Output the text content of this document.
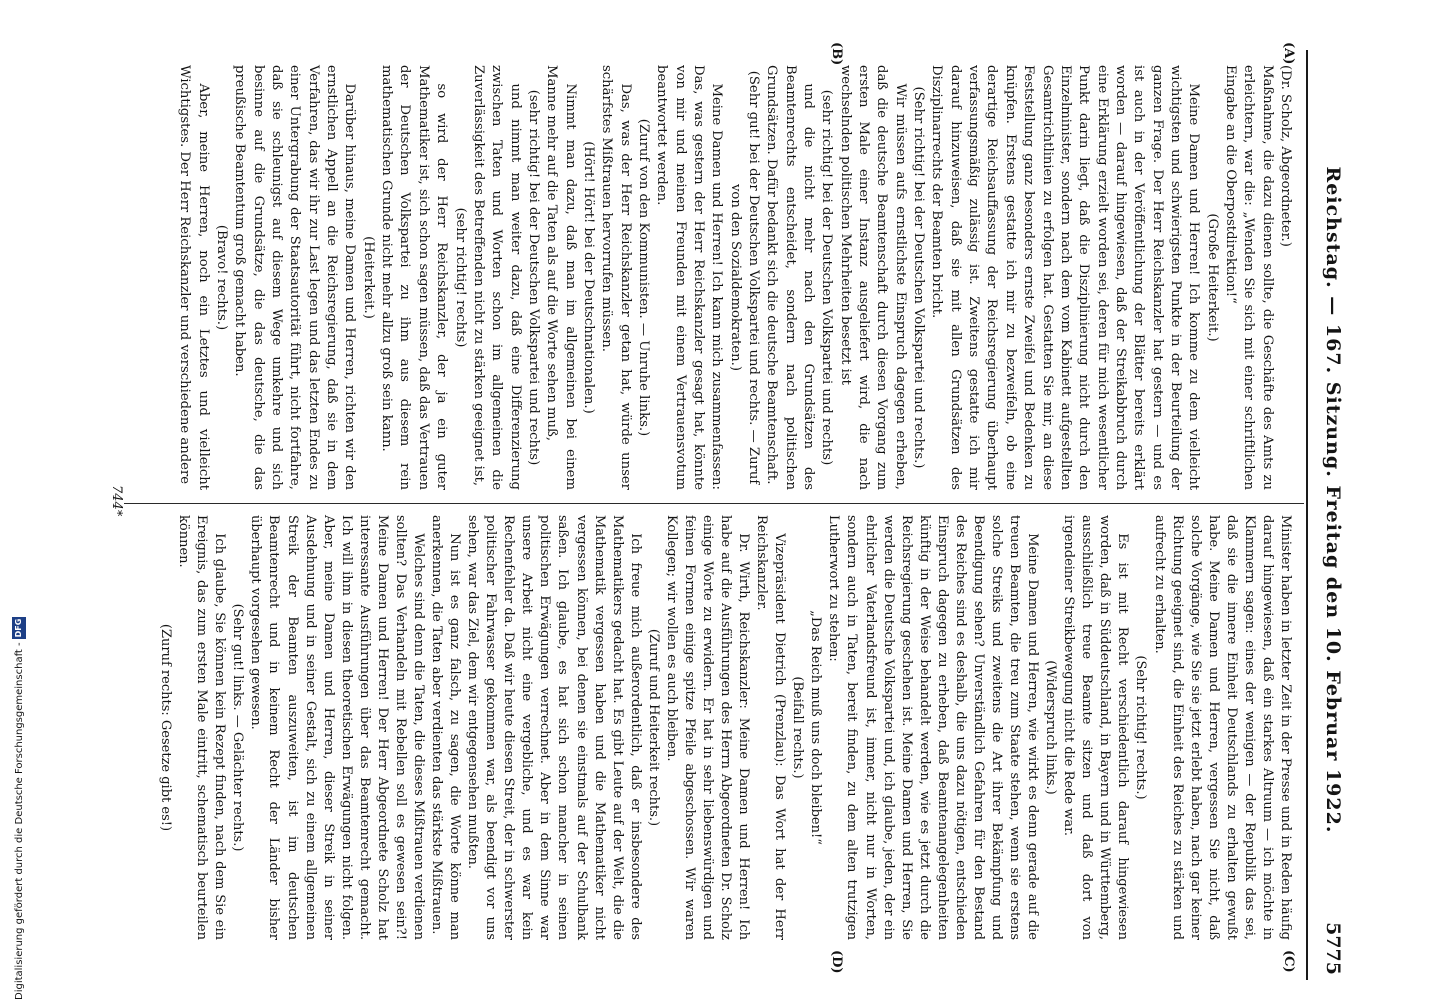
Reichstag. — 167. Sitzung. Freitag den 10. Februar 1922.
5775
(A)
(B)
(C)
(D)

(Dr. Scholz, Abgeordneter.)

Maßnahme, die dazu dienen sollte, die Geschäfte des Amts zu erleichtern, war die: „Wenden Sie sich mit einer schriftlichen Eingabe an die Oberpostdirektion!“

(Große Heiterkeit.)

Meine Damen und Herren! Ich komme zu dem vielleicht wichtigsten und schwierigsten Punkte in der Beurteilung der ganzen Frage. Der Herr Reichskanzler hat gestern — und es ist auch in der Veröffentlichung der Blätter bereits erklärt worden — darauf hingewiesen, daß der Streikabbruch durch eine Erklärung erzielt worden sei, deren für mich wesentlicher Punkt darin liegt, daß die Disziplinierung nicht durch den Einzelminister, sondern nach dem vom Kabinett aufgestellten Gesamtrichtlinien zu erfolgen hat. Gestatten Sie mir, an diese Feststellung ganz besonders ernste Zweifel und Bedenken zu knüpfen. Erstens gestatte ich mir zu bezweifeln, ob eine derartige Reichsauffassung der Reichsregierung überhaupt verfassungsmäßig zulässig ist. Zweitens gestatte ich mir darauf hinzuweisen, daß sie mit allen Grundsätzen des Disziplinarrechts der Beamten bricht.

(Sehr richtig! bei der Deutschen Volkspartei und rechts.)

Wir müssen aufs ernstlichste Einspruch dagegen erheben, daß die deutsche Beamtenschaft durch diesen Vorgang zum ersten Male einer Instanz ausgeliefert wird, die nach wechselnden politischen Mehrheiten besetzt ist

(sehr richtig! bei der Deutschen Volkspartei und rechts)

und die nicht mehr nach den Grundsätzen des Beamtenrechts entscheidet, sondern nach politischen Grundsätzen. Dafür bedankt sich die deutsche Beamtenschaft.

(Sehr gut! bei der Deutschen Volkspartei und rechts. — Zuruf von den Sozialdemokraten.)

Meine Damen und Herren! Ich kann mich zusammenfassen: Das, was gestern der Herr Reichskanzler gesagt hat, könnte von mir und meinen Freunden mit einem Vertrauensvotum beantwortet werden.

(Zuruf von den Kommunisten. — Unruhe links.)

Das, was der Herr Reichskanzler getan hat, würde unser schärfstes Mißtrauen hervorrufen müssen.

(Hört! Hört! bei der Deutschnationalen.)

Nimmt man dazu, daß man im allgemeinen bei einem Manne mehr auf die Taten als auf die Worte sehen muß,

(sehr richtig! bei der Deutschen Volkspartei und rechts)

und nimmt man weiter dazu, daß eine Differenzierung zwischen Taten und Worten schon im allgemeinen die Zuverlässigkeit des Betreffenden nicht zu stärken geeignet ist,

(sehr richtig! rechts)

so wird der Herr Reichskanzler, der ja ein guter Mathematiker ist, sich schon sagen müssen, daß das Vertrauen der Deutschen Volkspartei zu ihm aus diesem rein mathematischen Grunde nicht mehr allzu groß sein kann.

(Heiterkeit.)

Darüber hinaus, meine Damen und Herren, richten wir den ernstlichen Appell an die Reichsregierung, daß sie in dem Verfahren, das wir ihr zur Last legen und das letzten Endes zu einer Untergrabung der Staatsautorität führt, nicht fortfahre, daß sie schleunigst auf diesem Wege umkehre und sich besinne auf die Grundsätze, die das deutsche, die das preußische Beamtentum groß gemacht haben.

(Bravo! rechts.)

Aber, meine Herren, noch ein Letztes und vielleicht Wichtigstes. Der Herr Reichskanzler und verschiedene andere

Minister haben in letzter Zeit in der Presse und in Reden häufig darauf hingewiesen, daß ein starkes Altruum — ich möchte in Klammern sagen: eines der wenigen — der Republik das sei, daß sie die innere Einheit Deutschlands zu erhalten gewußt habe. Meine Damen und Herren, vergessen Sie nicht, daß solche Vorgänge, wie Sie sie jetzt erlebt haben, nach gar keiner Richtung geeignet sind, die Einheit des Reiches zu stärken und aufrecht zu erhalten.

(Sehr richtig! rechts.)

Es ist mit Recht verschiedentlich darauf hingewiesen worden, daß in Süddeutschland, in Bayern und in Württemberg, ausschließlich treue Beamte sitzen und daß dort von irgendeiner Streikbewegung nicht die Rede war.

(Widerspruch links.)

Meine Damen und Herren, wie wirkt es denn gerade auf die treuen Beamten, die treu zum Staate stehen, wenn sie erstens solche Streiks und zweitens die Art ihrer Bekämpfung und Beendigung sehen? Unverständlich Gefahren für den Bestand des Reiches sind es deshalb, die uns dazu nötigen, entschieden Einspruch dagegen zu erheben, daß Beamtenangelegenheiten künftig in der Weise behandelt werden, wie es jetzt durch die Reichsregierung geschehen ist. Meine Damen und Herren, Sie werden die Deutsche Volkspartei und, ich glaube, jeden, der ein ehrlicher Vaterlandsfreund ist, immer, nicht nur in Worten, sondern auch in Taten, bereit finden, zu dem alten trutzigen Lutherwort zu stehen:

„Das Reich muß uns doch bleiben!“

(Beifall rechts.)

Vizepräsident Dietrich (Prenzlau): Das Wort hat der Herr Reichskanzler.

Dr. Wirth, Reichskanzler: Meine Damen und Herren! Ich habe auf die Ausführungen des Herrn Abgeordneten Dr. Scholz einige Worte zu erwidern. Er hat in sehr liebenswürdigen und feinen Formen einige spitze Pfeile abgeschossen. Wir waren Kollegen; wir wollen es auch bleiben.

(Zuruf und Heiterkeit rechts.)

Ich freue mich außerordentlich, daß er insbesondere des Mathematikers gedacht hat. Es gibt Leute auf der Welt, die die Mathematik vergessen haben und die Mathematiker nicht vergessen können, bei denen sie einstmals auf der Schulbank saßen. Ich glaube, es hat sich schon mancher in seinen politischen Erwägungen verrechnet. Aber in dem Sinne war unsere Arbeit nicht eine vergebliche, und es war kein Rechenfehler da. Daß wir heute diesen Streit, der in schwerster politischer Fahrwasser gekommen war, als beendigt vor uns sehen, war das Ziel, dem wir entgegensehen mußten.

Nun ist es ganz falsch, zu sagen, die Worte könne man anerkennen, die Taten aber verdienten das stärkste Mißtrauen.

Welches sind denn die Taten, die dieses Mißtrauen verdienen sollten? Das Verhandeln mit Rebellen soll es gewesen sein?! Meine Damen und Herren! Der Herr Abgeordnete Scholz hat interessante Ausführungen über das Beamtenrecht gemacht. Ich will ihm in diesen theoretischen Erwägungen nicht folgen. Aber, meine Damen und Herren, dieser Streik in seiner Ausdehnung und in seiner Gestalt, sich zu einem allgemeinen Streik der Beamten auszuweiten, ist im deutschen Beamtenrecht und in keinem Recht der Länder bisher überhaupt vorgesehen gewesen.

(Sehr gut! links. — Gelächter rechts.)

Ich glaube, Sie können kein Rezept finden, nach dem Sie ein Ereignis, das zum ersten Male eintritt, schematisch beurteilen können.

(Zuruf rechts: Gesetze gibt es!)

744*
Digitalisierung gefördert durch die Deutsche Forschungsgemeinschaft -DFG
